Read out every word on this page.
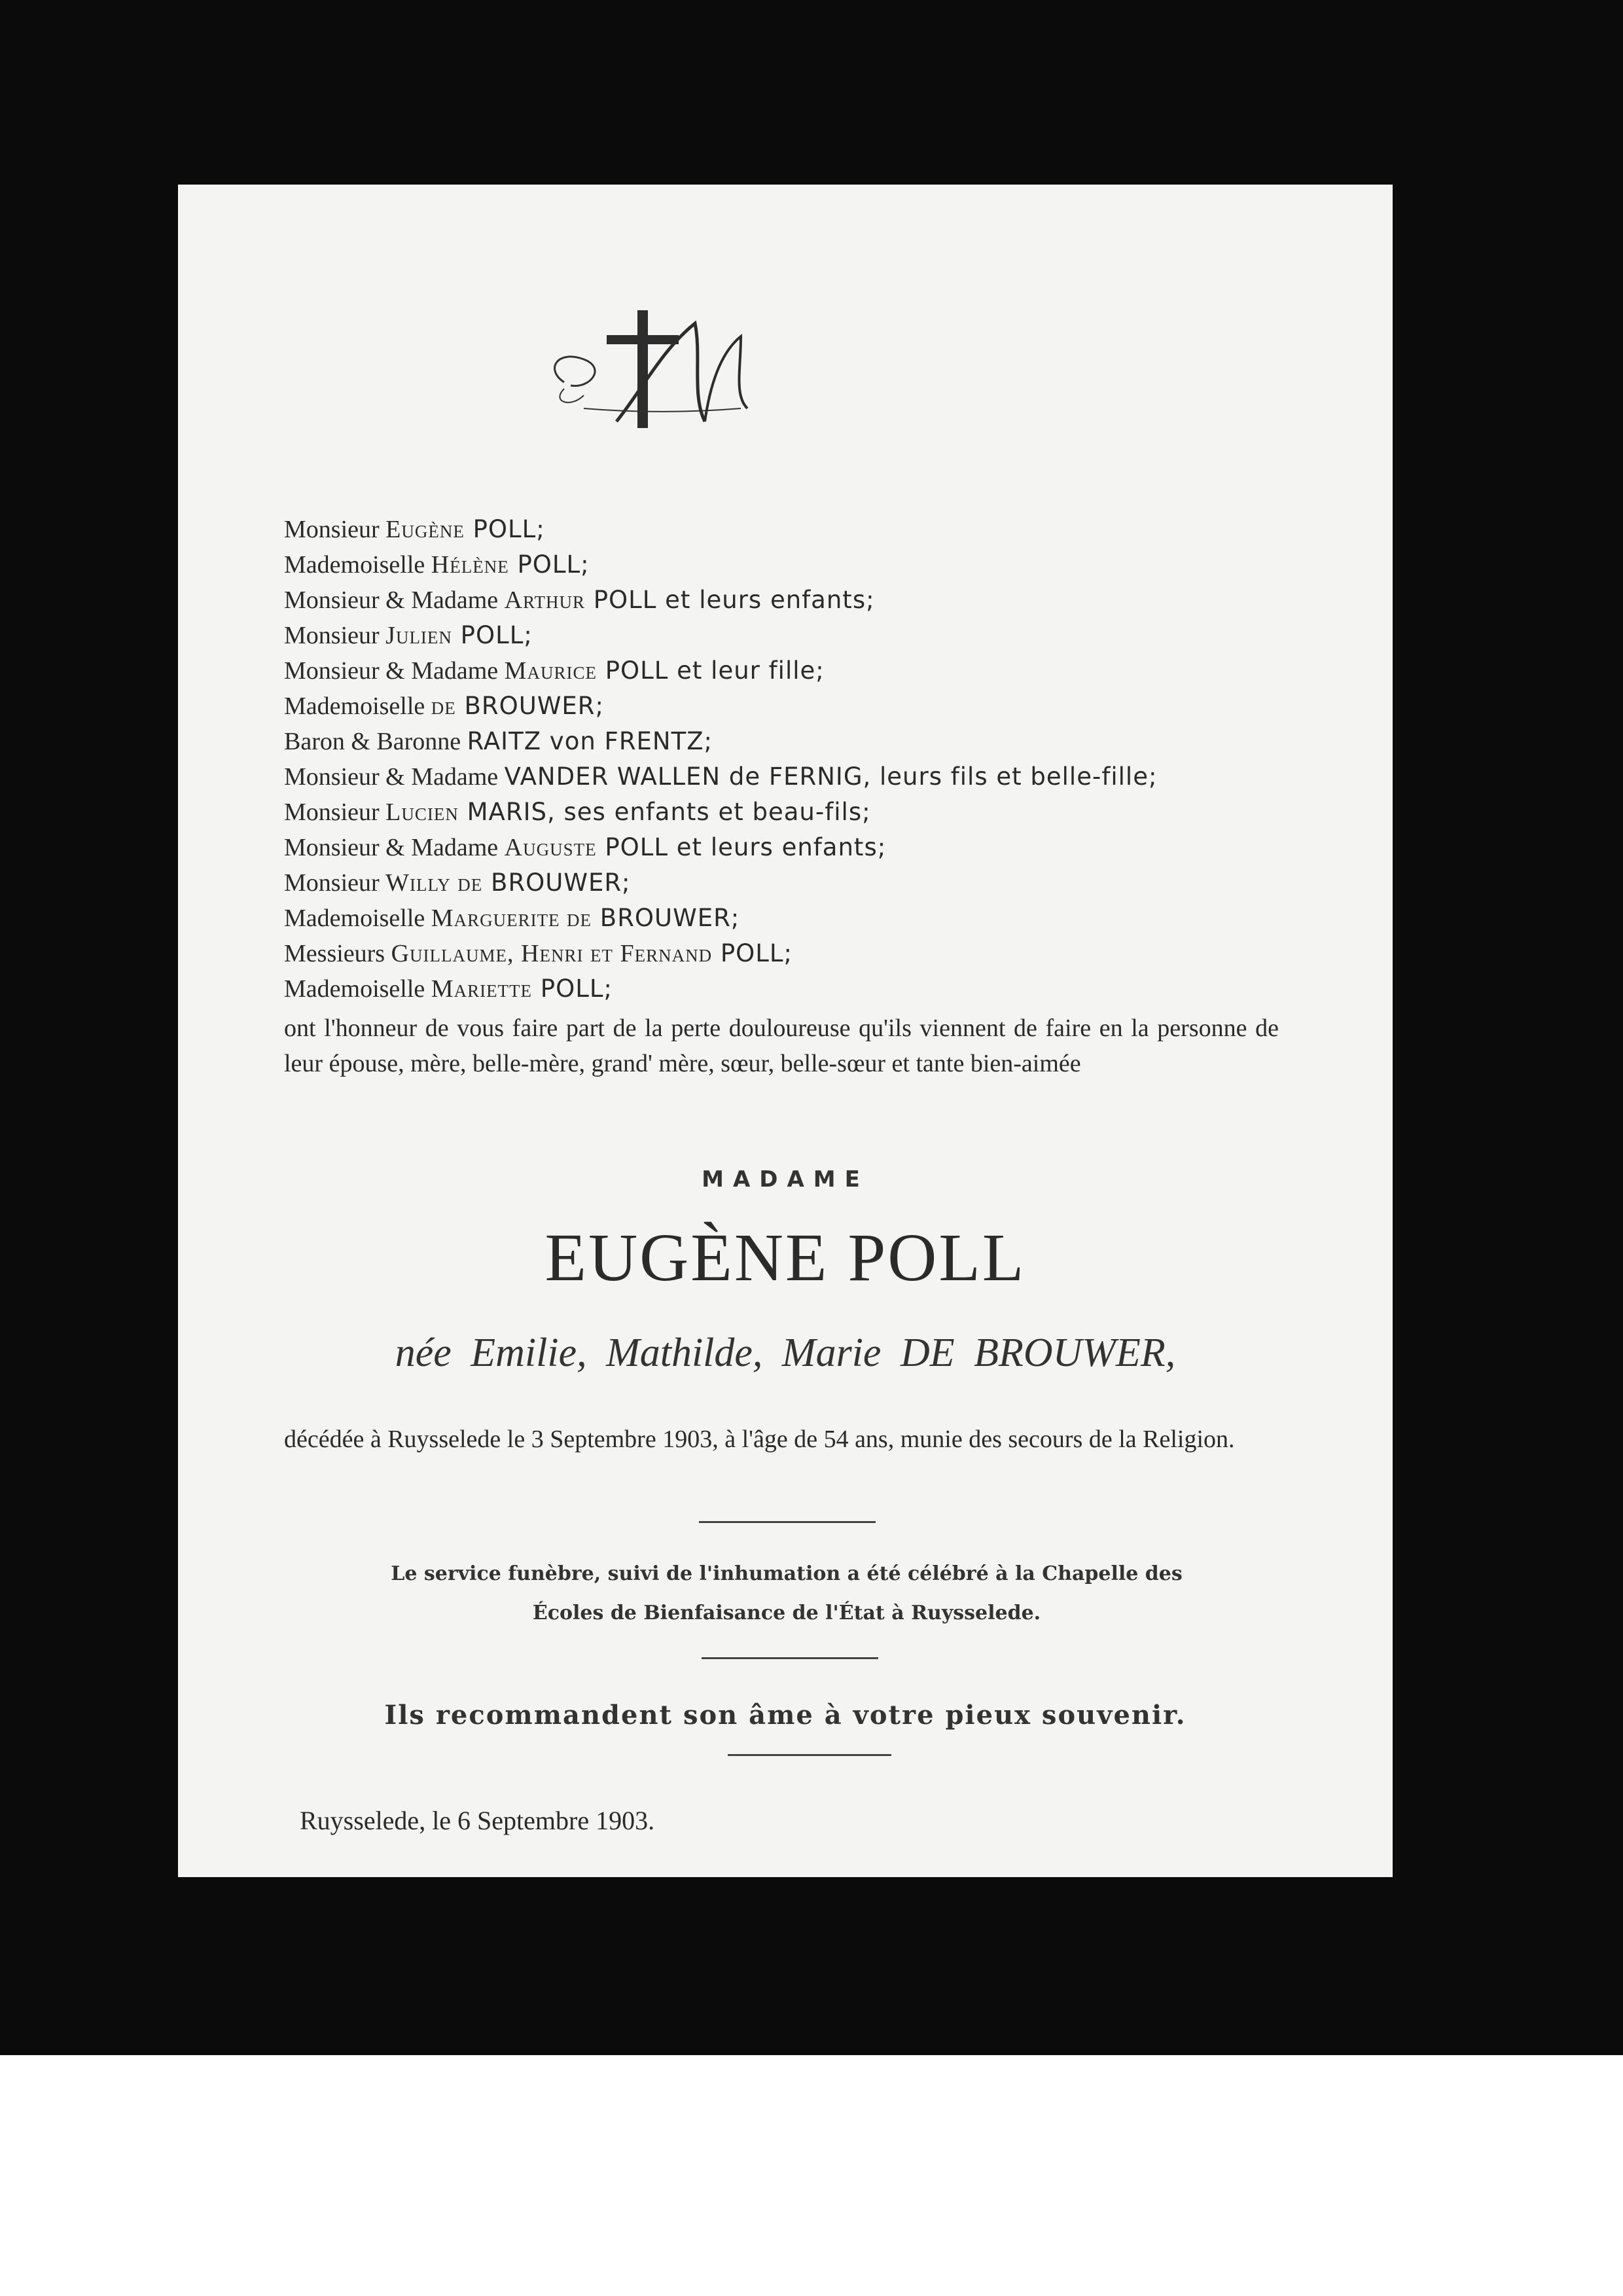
Monsieur Eugène POLL;
Mademoiselle Hélène POLL;
Monsieur & Madame Arthur POLL et leurs enfants;
Monsieur Julien POLL;
Monsieur & Madame Maurice POLL et leur fille;
Mademoiselle de BROUWER;
Baron & Baronne RAITZ von FRENTZ;
Monsieur & Madame VANDER WALLEN de FERNIG, leurs fils et belle-fille;
Monsieur Lucien MARIS, ses enfants et beau-fils;
Monsieur & Madame Auguste POLL et leurs enfants;
Monsieur Willy de BROUWER;
Mademoiselle Marguerite de BROUWER;
Messieurs Guillaume, Henri et Fernand POLL;
Mademoiselle Mariette POLL;
ont l'honneur de vous faire part de la perte douloureuse qu'ils viennent de faire en la personne de leur épouse, mère, belle-mère, grand' mère, sœur, belle-sœur et tante bien-aimée
MADAME
EUGÈNE POLL
née Emilie, Mathilde, Marie DE BROUWER,
décédée à Ruysselede le 3 Septembre 1903, à l'âge de 54 ans, munie des secours de la Religion.
Le service funèbre, suivi de l'inhumation a été célébré à la Chapelle des
Écoles de Bienfaisance de l'État à Ruysselede.
Ils recommandent son âme à votre pieux souvenir.
Ruysselede, le 6 Septembre 1903.
